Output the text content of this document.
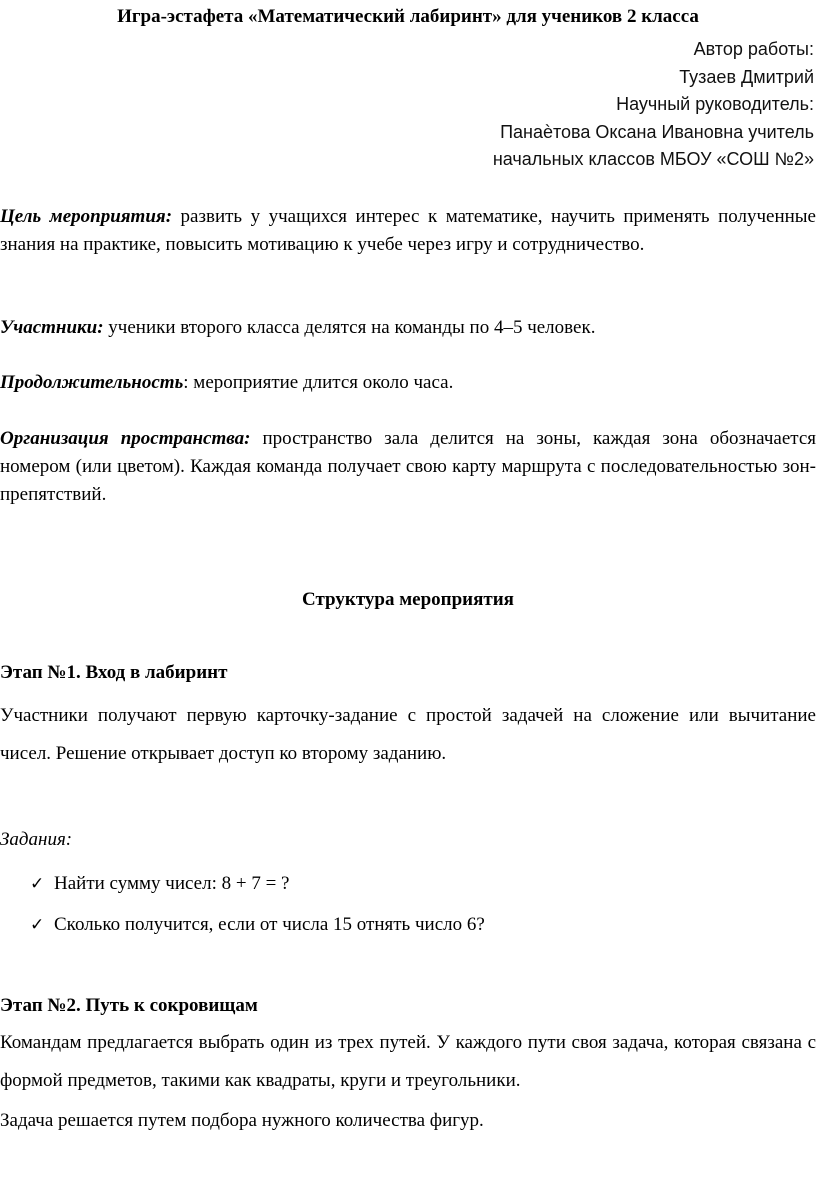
Игра-эстафета «Математический лабиринт» для учеников 2 класса
Автор работы:
Тузаев Дмитрий
Научный руководитель:
Панаѐтова Оксана Ивановна учитель
начальных классов МБОУ «СОШ №2»
Цель мероприятия: развить у учащихся интерес к математике, научить применять полученные знания на практике, повысить мотивацию к учебе через игру и сотрудничество.
Участники: ученики второго класса делятся на команды по 4–5 человек.
Продолжительность: мероприятие длится около часа.
Организация пространства: пространство зала делится на зоны, каждая зона обозначается номером (или цветом). Каждая команда получает свою карту маршрута с последовательностью зон-препятствий.
Структура мероприятия
Этап №1. Вход в лабиринт
Участники получают первую карточку-задание с простой задачей на сложение или вычитание чисел. Решение открывает доступ ко второму заданию.
Задания:
✓ Найти сумму чисел: 8 + 7 = ?
✓ Сколько получится, если от числа 15 отнять число 6?
Этап №2. Путь к сокровищам
Командам предлагается выбрать один из трех путей. У каждого пути своя задача, которая связана с формой предметов, такими как квадраты, круги и треугольники.
Задача решается путем подбора нужного количества фигур.
